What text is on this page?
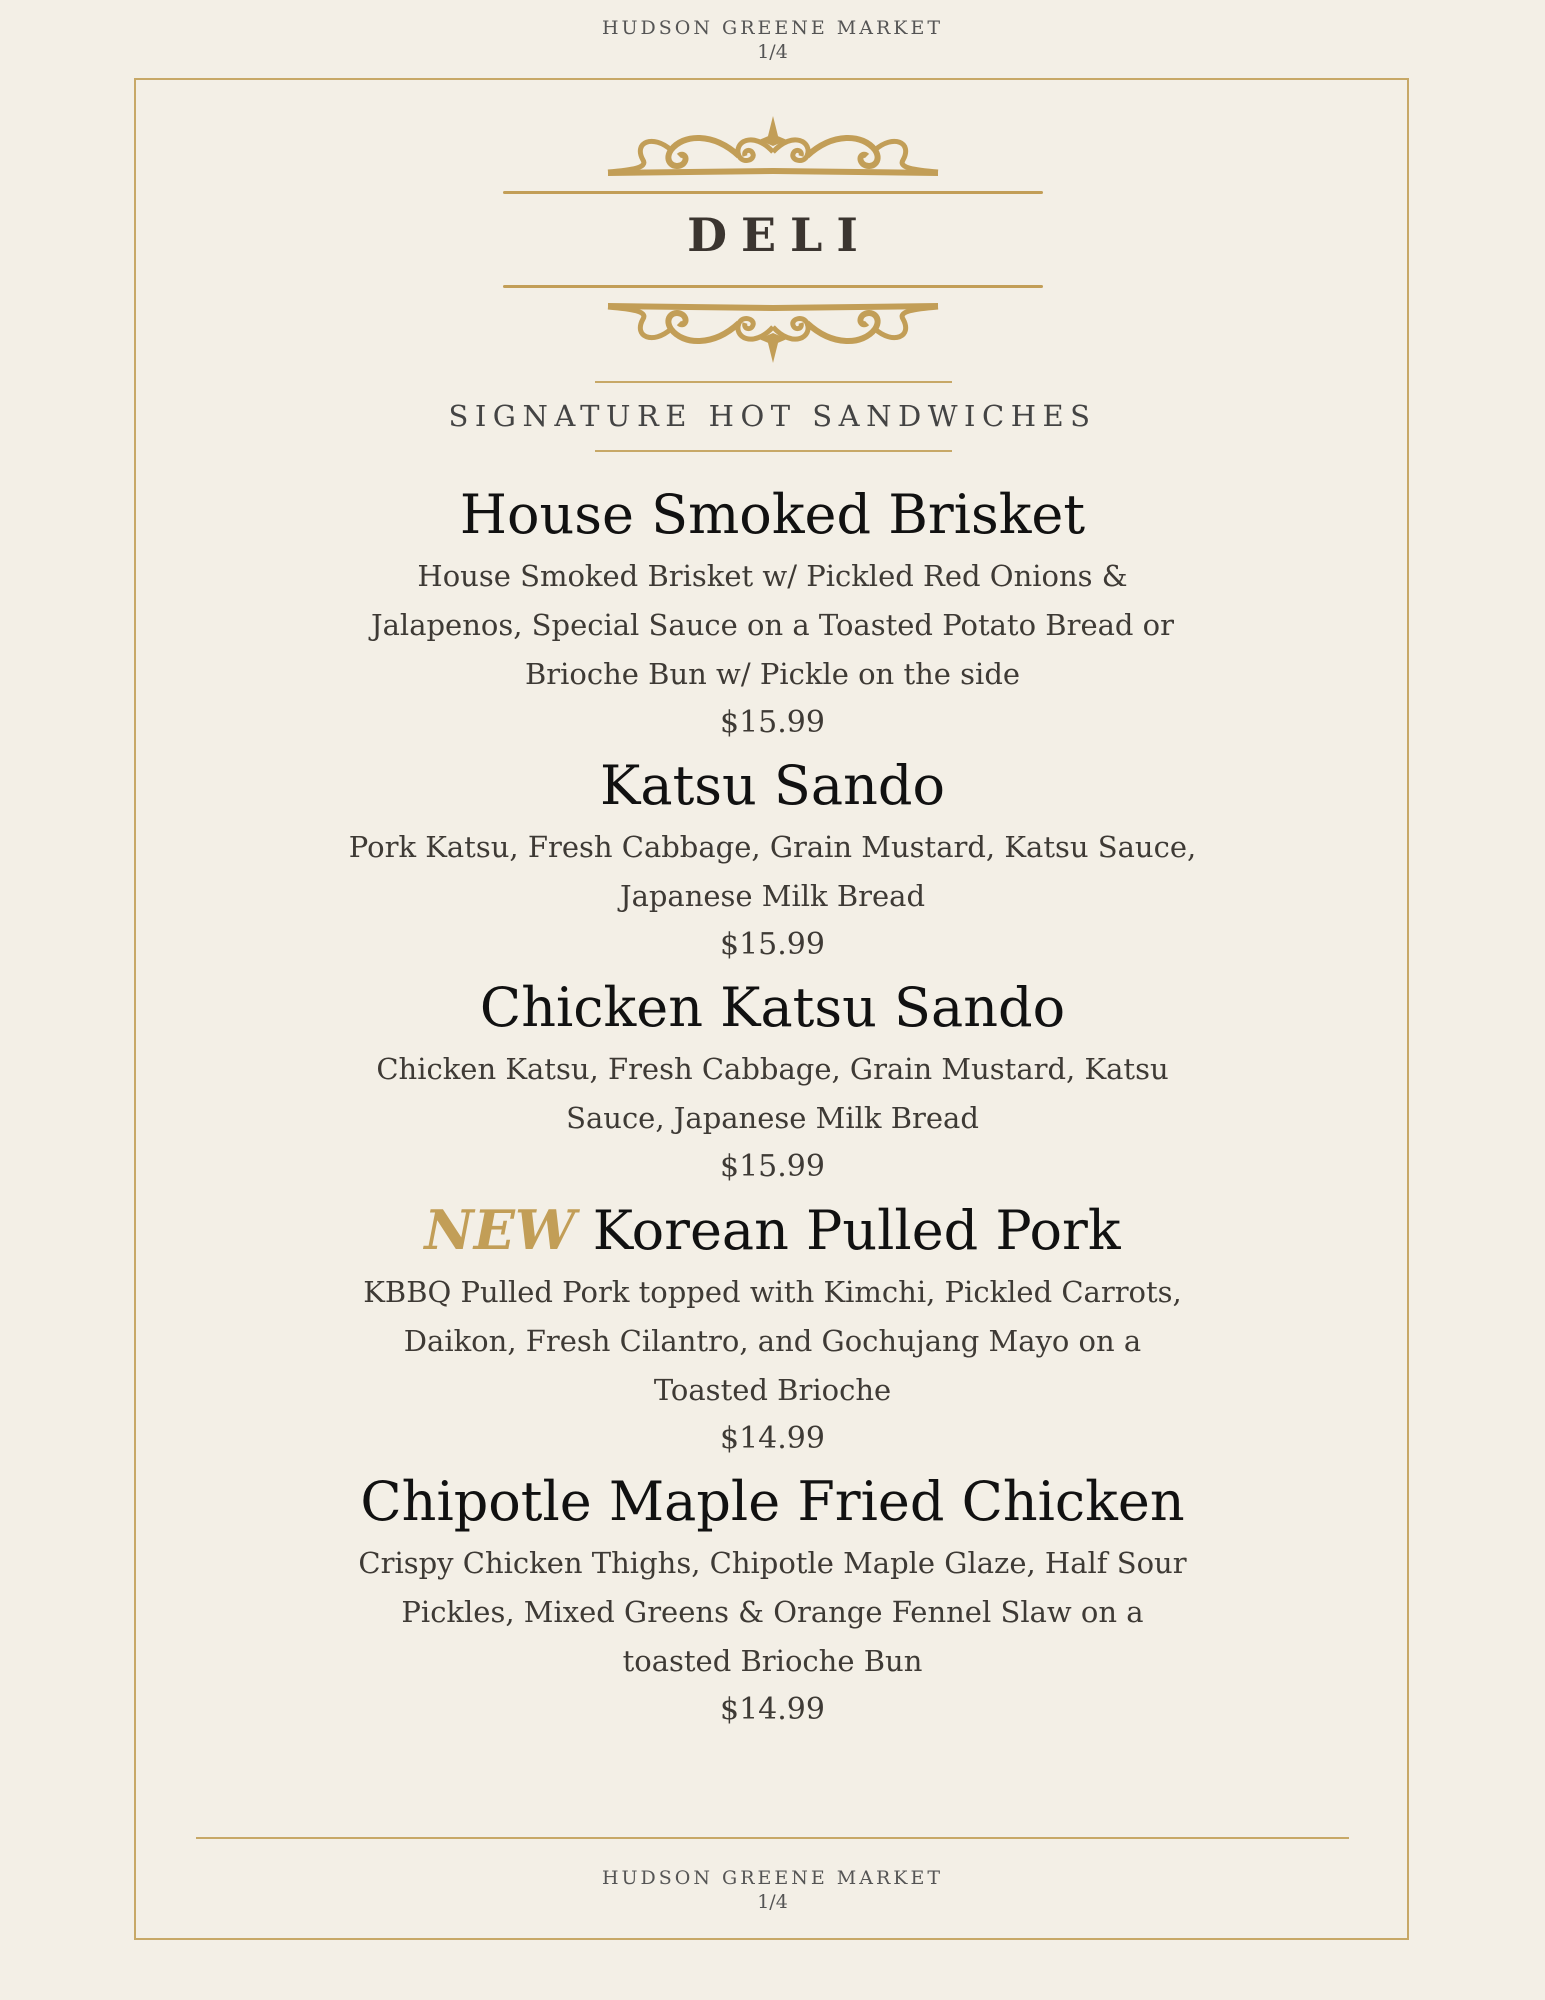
HUDSON GREENE MARKET
1/4
DELI
SIGNATURE HOT SANDWICHES
House Smoked Brisket
House Smoked Brisket w/ Pickled Red Onions & Jalapenos, Special Sauce on a Toasted Potato Bread or Brioche Bun w/ Pickle on the side
$15.99
Katsu Sando
Pork Katsu, Fresh Cabbage, Grain Mustard, Katsu Sauce, Japanese Milk Bread
$15.99
Chicken Katsu Sando
Chicken Katsu, Fresh Cabbage, Grain Mustard, Katsu Sauce, Japanese Milk Bread
$15.99
NEW Korean Pulled Pork
KBBQ Pulled Pork topped with Kimchi, Pickled Carrots, Daikon, Fresh Cilantro, and Gochujang Mayo on a Toasted Brioche
$14.99
Chipotle Maple Fried Chicken
Crispy Chicken Thighs, Chipotle Maple Glaze, Half Sour Pickles, Mixed Greens & Orange Fennel Slaw on a toasted Brioche Bun
$14.99
HUDSON GREENE MARKET
1/4
